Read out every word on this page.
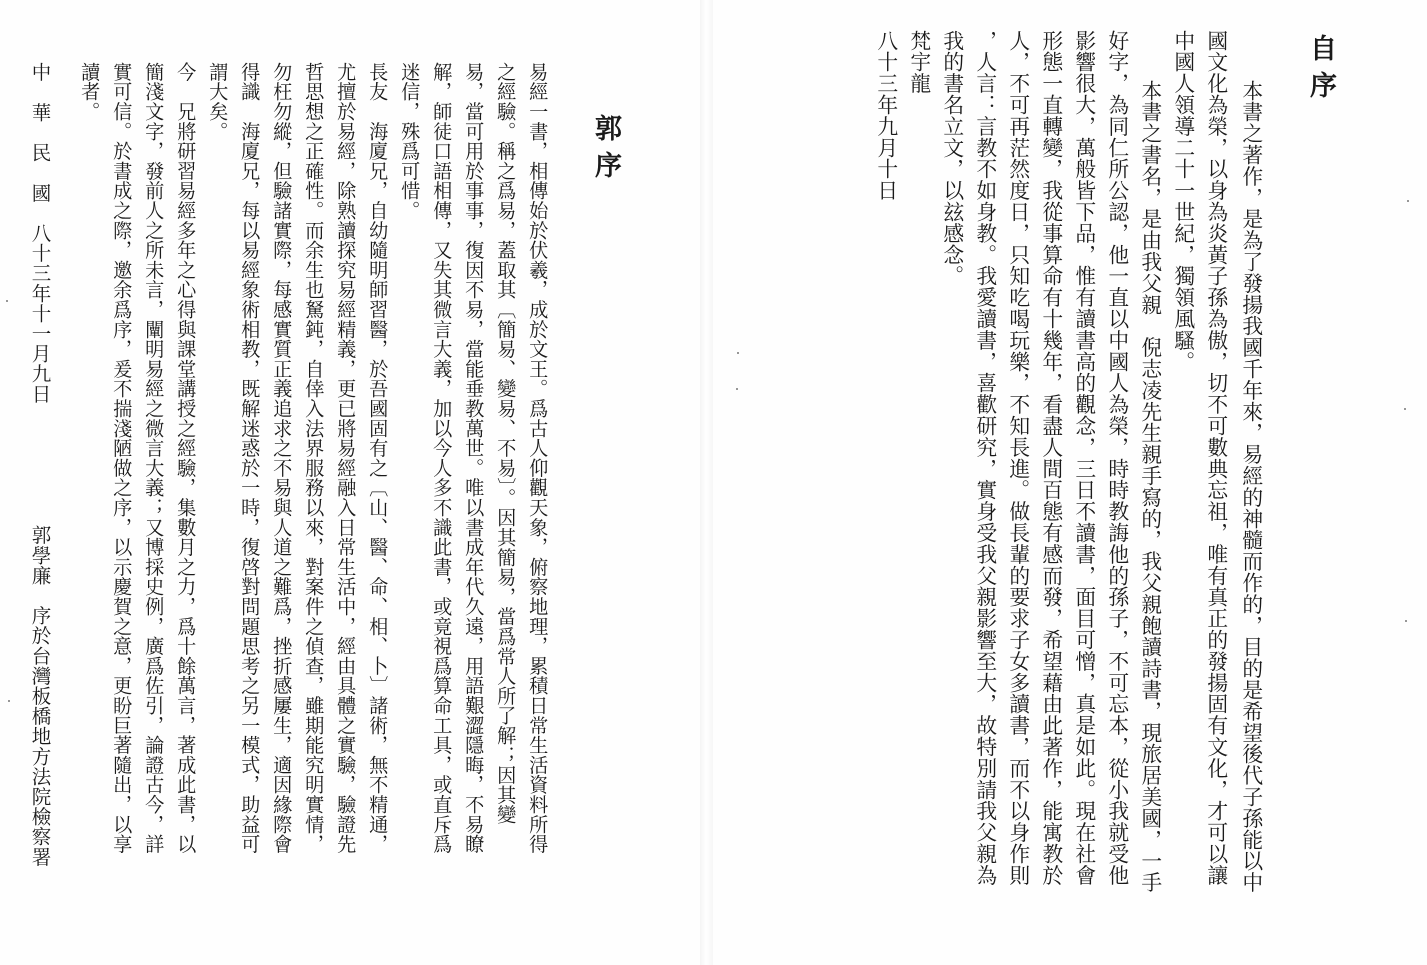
郭序
易經一書，相傳始於伏羲，成於文王。爲古人仰觀天象，俯察地理，累積日常生活資料所得
之經驗。稱之爲易，蓋取其〔簡易、變易、不易〕。因其簡易，當爲常人所了解；因其變
易，當可用於事事，復因不易，當能垂教萬世。唯以書成年代久遠，用語艱澀隱晦，不易瞭
解，師徒口語相傳，又失其微言大義，加以今人多不識此書，或竟視爲算命工具，或直斥爲
迷信，殊爲可惜。
長友　海廈兄，自幼隨明師習醫，於吾國固有之〔山、醫、命、相、卜〕諸術，無不精通，
尤擅於易經，除熟讀探究易經精義，更已將易經融入日常生活中，經由具體之實驗，驗證先
哲思想之正確性。而余生也駑鈍，自倖入法界服務以來，對案件之偵查，雖期能究明實情，
勿枉勿縱，但驗諸實際，每感實質正義追求之不易與人道之難爲，挫折感屢生，適因緣際會
得識　海廈兄，每以易經象術相教，既解迷惑於一時，復啓對問題思考之另一模式，助益可
謂大矣。
今　兄將研習易經多年之心得與課堂講授之經驗，集數月之力，爲十餘萬言，著成此書，以
簡淺文字，發前人之所未言，闡明易經之微言大義；又博採史例，廣爲佐引，論證古今，詳
實可信。於書成之際，邀余爲序，爰不揣淺陋做之序，以示慶賀之意，更盼巨著隨出，以享
讀者。
中　華　民　國　八十三年十一月九日
郭學廉　序於台灣板橋地方法院檢察署
自序
本書之著作，是為了發揚我國千年來，易經的神髓而作的，目的是希望後代子孫能以中
國文化為榮，以身為炎黃子孫為傲，切不可數典忘祖，唯有真正的發揚固有文化，才可以讓
中國人領導二十一世紀，獨領風騷。
本書之書名，是由我父親　倪志凌先生親手寫的，我父親飽讀詩書，現旅居美國，一手
好字，為同仁所公認，他一直以中國人為榮，時時教誨他的孫子，不可忘本，從小我就受他
影響很大，萬般皆下品，惟有讀書高的觀念，三日不讀書，面目可憎，真是如此。現在社會
形態一直轉變，我從事算命有十幾年，看盡人間百態有感而發，希望藉由此著作，能寓教於
人，不可再茫然度日，只知吃喝玩樂，不知長進。做長輩的要求子女多讀書，而不以身作則
，人言：言教不如身教。我愛讀書，喜歡研究，實身受我父親影響至大，故特別請我父親為
我的書名立文，以玆感念。
梵宇龍
八十三年九月十日
